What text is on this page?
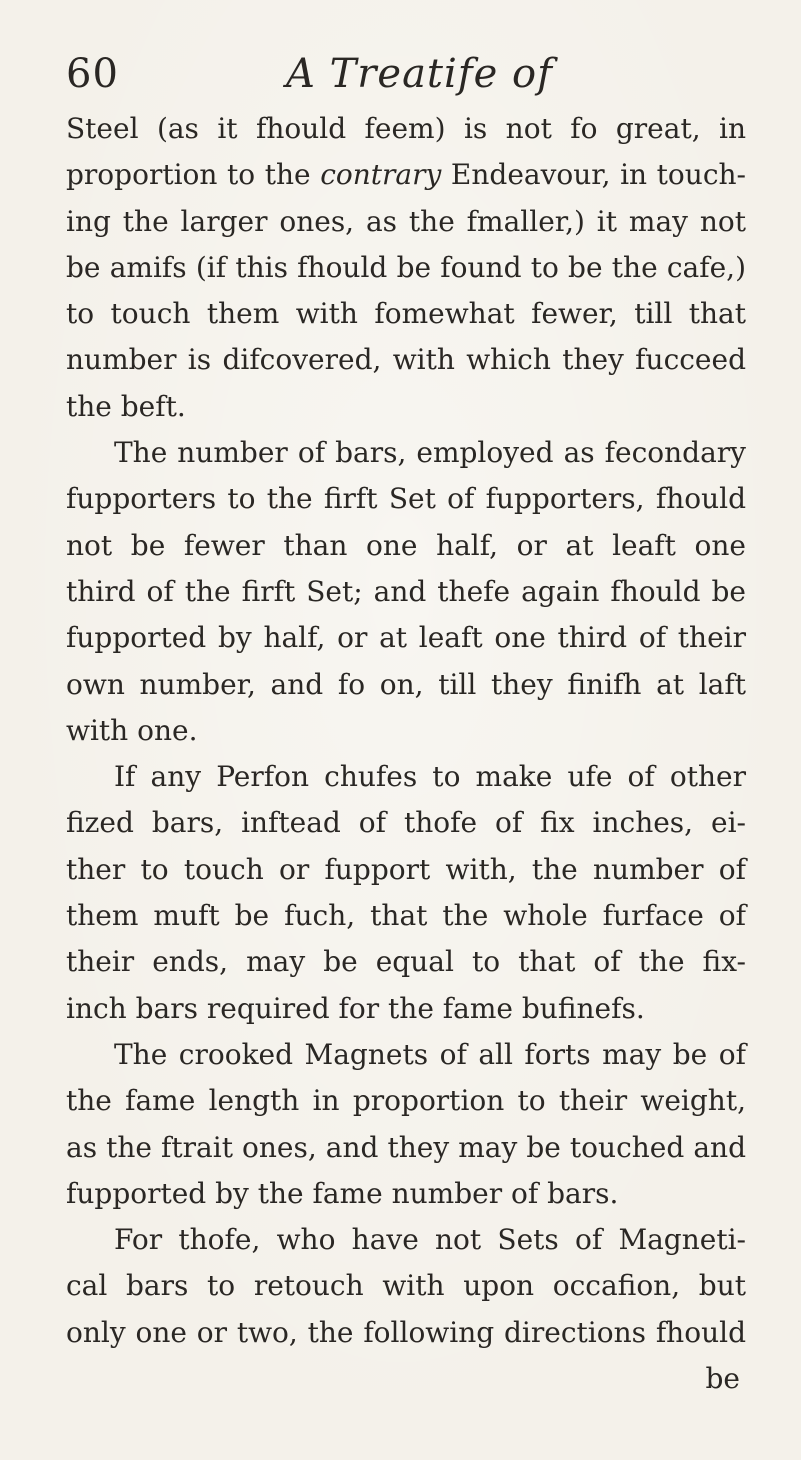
60	A Treatife of
Steel (as it fhould feem) is not fo great, in
proportion to the contrary Endeavour, in touch-
ing the larger ones, as the fmaller,) it may not
be amifs (if this fhould be found to be the cafe,)
to touch them with fomewhat fewer, till that
number is difcovered, with which they fucceed
the beft.
The number of bars, employed as fecondary
fupporters to the firft Set of fupporters, fhould
not be fewer than one half, or at leaft one
third of the firft Set; and thefe again fhould be
fupported by half, or at leaft one third of their
own number, and fo on, till they finifh at laft
with one.
If any Perfon chufes to make ufe of other
fized bars, inftead of thofe of fix inches, ei-
ther to touch or fupport with, the number of
them muft be fuch, that the whole furface of
their ends, may be equal to that of the fix-
inch bars required for the fame bufinefs.
The crooked Magnets of all forts may be of
the fame length in proportion to their weight,
as the ftrait ones, and they may be touched and
fupported by the fame number of bars.
For thofe, who have not Sets of Magneti-
cal bars to retouch with upon occafion, but
only one or two, the following directions fhould
be
